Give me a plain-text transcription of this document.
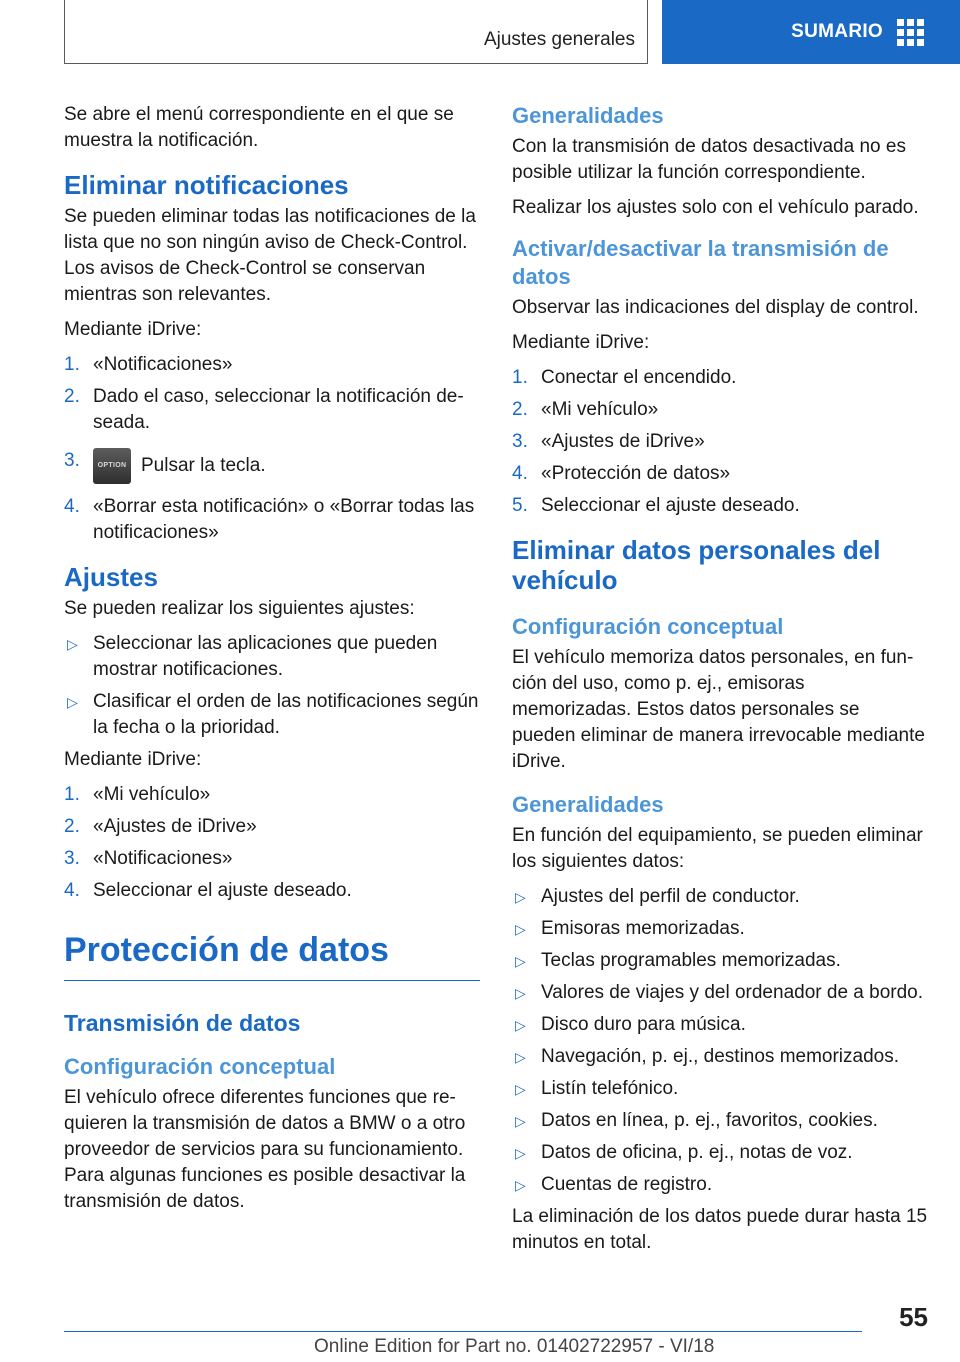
Ajustes generales	SUMARIO

Se abre el menú correspondiente en el que se muestra la notificación.

Eliminar notificaciones

Se pueden eliminar todas las notificaciones de la lista que no son ningún aviso de Check-Control. Los avisos de Check-Control se conservan mientras son relevantes.

Mediante iDrive:

1. «Notificaciones»
2. Dado el caso, seleccionar la notificación deseada.
3.	OPTION Pulsar la tecla.
4. «Borrar esta notificación» o «Borrar todas las notificaciones»
Ajustes

Se pueden realizar los siguientes ajustes:

▷ Seleccionar las aplicaciones que pueden mostrar notificaciones.
▷ Clasificar el orden de las notificaciones según la fecha o la prioridad.

Mediante iDrive:

1. «Mi vehículo»
2. «Ajustes de iDrive»
3. «Notificaciones»
4. Seleccionar el ajuste deseado.
Protección de datos
Transmisión de datos
Configuración conceptual

El vehículo ofrece diferentes funciones que requieren la transmisión de datos a BMW o a otro proveedor de servicios para su funcionamiento. Para algunas funciones es posible desactivar la transmisión de datos.

Generalidades

Con la transmisión de datos desactivada no es posible utilizar la función correspondiente.

Realizar los ajustes solo con el vehículo parado.

Activar/desactivar la transmisión de datos

Observar las indicaciones del display de control.

Mediante iDrive:

1. Conectar el encendido.
2. «Mi vehículo»
3. «Ajustes de iDrive»
4. «Protección de datos»
5. Seleccionar el ajuste deseado.
Eliminar datos personales del vehículo
Configuración conceptual

El vehículo memoriza datos personales, en función del uso, como p. ej., emisoras memorizadas. Estos datos personales se pueden eliminar de manera irrevocable mediante iDrive.

Generalidades

En función del equipamiento, se pueden eliminar los siguientes datos:

▷ Ajustes del perfil de conductor.
▷ Emisoras memorizadas.
▷ Teclas programables memorizadas.
▷ Valores de viajes y del ordenador de a bordo.
▷ Disco duro para música.
▷ Navegación, p. ej., destinos memorizados.
▷ Listín telefónico.
▷ Datos en línea, p. ej., favoritos, cookies.
▷ Datos de oficina, p. ej., notas de voz.
▷ Cuentas de registro.

La eliminación de los datos puede durar hasta 15 minutos en total.

55
Online Edition for Part no. 01402722957 - VI/18
